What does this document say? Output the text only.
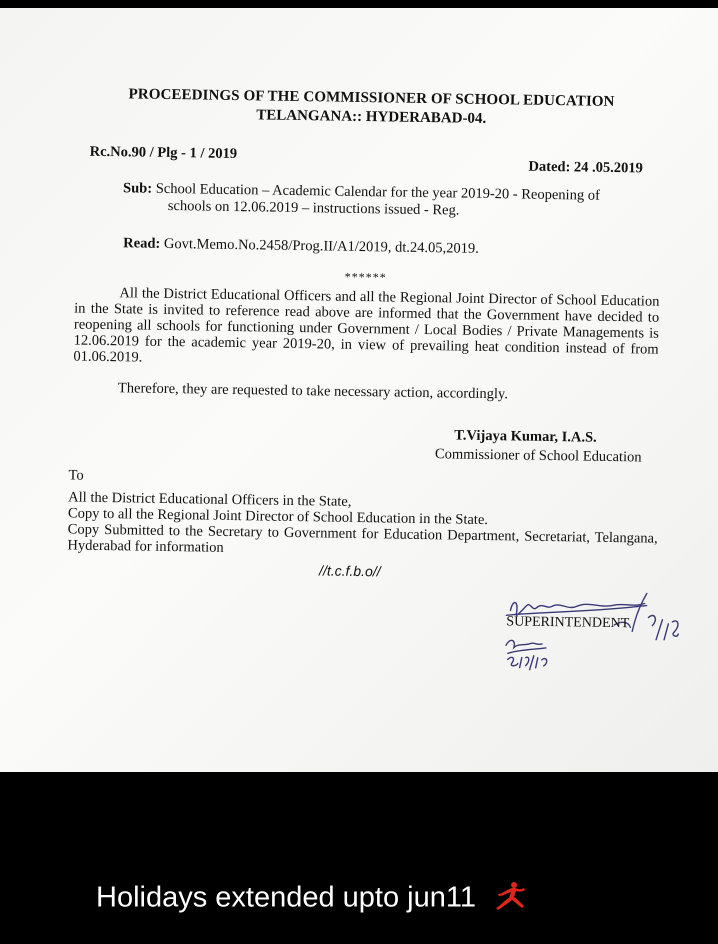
PROCEEDINGS OF THE COMMISSIONER OF SCHOOL EDUCATION
TELANGANA:: HYDERABAD-04.
Rc.No.90 / Plg - 1 / 2019
Dated: 24 .05.2019
Sub: School Education – Academic Calendar for the year 2019-20 - Reopening of
schools on 12.06.2019 – instructions issued - Reg.
Read: Govt.Memo.No.2458/Prog.II/A1/2019, dt.24.05,2019.
******
All the District Educational Officers and all the Regional Joint Director of School Education in the State is invited to reference read above are informed that the Government have decided to reopening all schools for functioning under Government / Local Bodies / Private Managements is 12.06.2019 for the academic year 2019-20, in view of prevailing heat condition instead of from 01.06.2019.
Therefore, they are requested to take necessary action, accordingly.
T.Vijaya Kumar, I.A.S.
Commissioner of School Education
To
All the District Educational Officers in the State,
Copy to all the Regional Joint Director of School Education in the State.
Copy Submitted to the Secretary to Government for Education Department, Secretariat, Telangana, Hyderabad for information
//t.c.f.b.o//
SUPERINTENDENT
Holidays extended upto jun11
